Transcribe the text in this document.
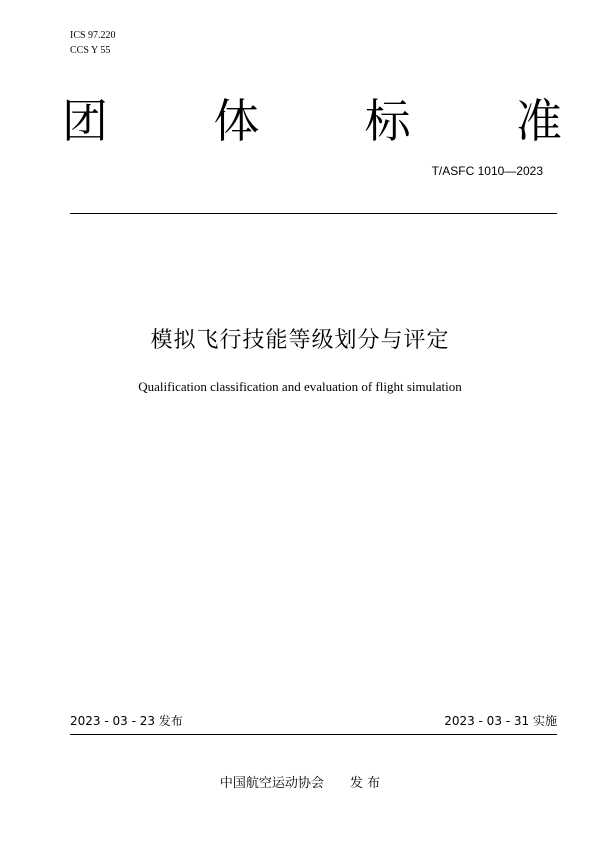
ICS 97.220
CCS Y 55
团 体 标 准
T/ASFC 1010—2023
模拟飞行技能等级划分与评定
Qualification classification and evaluation of flight simulation
2023 - 03 - 23 发布	2023 - 03 - 31 实施
中国航空运动协会 发 布
